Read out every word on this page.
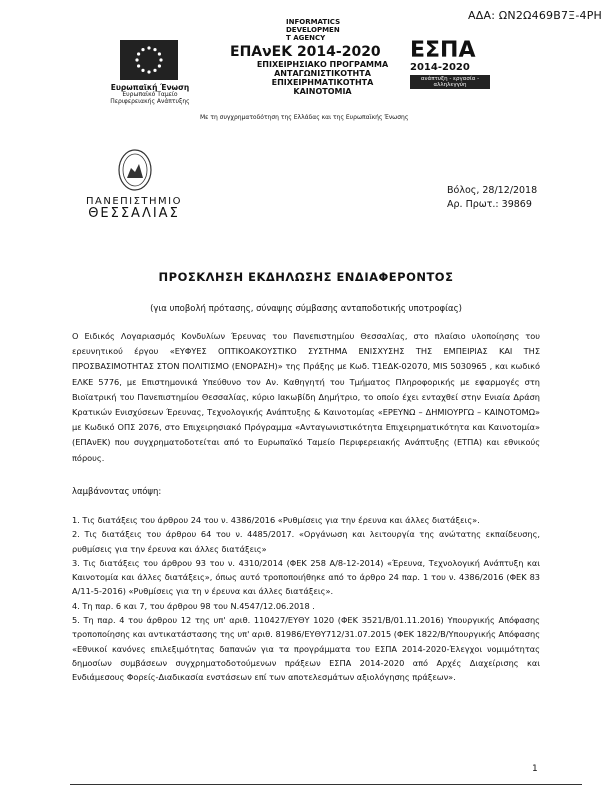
ΑΔΑ: ΩΝ2Ω469Β7Ξ-4ΡΗ
Ευρωπαϊκή Ένωση
Ευρωπαϊκό Ταμείο
Περιφερειακής Ανάπτυξης
INFORMATICS
DEVELOPMEN
T AGENCY
ΕΠΑνΕΚ 2014-2020
ΕΠΙΧΕΙΡΗΣΙΑΚΟ ΠΡΟΓΡΑΜΜΑ
ΑΝΤΑΓΩΝΙΣΤΙΚΟΤΗΤΑ
ΕΠΙΧΕΙΡΗΜΑΤΙΚΟΤΗΤΑ
ΚΑΙΝΟΤΟΜΙΑ
ΕΣΠΑ
2014-2020
ανάπτυξη - εργασία - αλληλεγγύη
Με τη συγχρηματοδότηση της Ελλάδας και της Ευρωπαϊκής Ένωσης
ΠΑΝΕΠΙΣΤΗΜΙΟ
ΘΕΣΣΑΛΙΑΣ
Βόλος, 28/12/2018
Αρ. Πρωτ.: 39869
ΠΡΟΣΚΛΗΣΗ ΕΚΔΗΛΩΣΗΣ ΕΝΔΙΑΦΕΡΟΝΤΟΣ
(για υποβολή πρότασης, σύναψης σύμβασης ανταποδοτικής υποτροφίας)
Ο Ειδικός Λογαριασμός Κονδυλίων Έρευνας του Πανεπιστημίου Θεσσαλίας, στο πλαίσιο υλοποίησης του ερευνητικού έργου «ΕΥΦΥΕΣ ΟΠΤΙΚΟΑΚΟΥΣΤΙΚΟ ΣΥΣΤΗΜΑ ΕΝΙΣΧΥΣΗΣ ΤΗΣ ΕΜΠΕΙΡΙΑΣ ΚΑΙ ΤΗΣ ΠΡΟΣΒΑΣΙΜΟΤΗΤΑΣ ΣΤΟΝ ΠΟΛΙΤΙΣΜΟ (ΕΝΟΡΑΣΗ)» της Πράξης με Κωδ. Τ1ΕΔΚ-02070, MIS 5030965 , και κωδικό ΕΛΚΕ 5776, με Επιστημονικά Υπεύθυνο τον Αν. Καθηγητή του Τμήματος Πληροφορικής με εφαρμογές στη Βιοϊατρική του Πανεπιστημίου Θεσσαλίας, κύριο Ιακωβίδη Δημήτριο, το οποίο έχει ενταχθεί στην Ενιαία Δράση Κρατικών Ενισχύσεων Έρευνας, Τεχνολογικής Ανάπτυξης & Καινοτομίας «ΕΡΕΥΝΩ – ΔΗΜΙΟΥΡΓΩ – ΚΑΙΝΟΤΟΜΩ» με Κωδικό ΟΠΣ 2076, στο Επιχειρησιακό Πρόγραμμα «Ανταγωνιστικότητα Επιχειρηματικότητα και Καινοτομία» (ΕΠΑνΕΚ) που συγχρηματοδοτείται από το Ευρωπαϊκό Ταμείο Περιφερειακής Ανάπτυξης (ΕΤΠΑ) και εθνικούς πόρους.
λαμβάνοντας υπόψη:

1. Τις διατάξεις του άρθρου 24 του ν. 4386/2016 «Ρυθμίσεις για την έρευνα και άλλες διατάξεις».

2. Τις διατάξεις του άρθρου 64 του ν. 4485/2017. «Οργάνωση και λειτουργία της ανώτατης εκπαίδευσης, ρυθμίσεις για την έρευνα και άλλες διατάξεις»

3. Τις διατάξεις του άρθρου 93 του ν. 4310/2014 (ΦΕΚ 258 Α/8-12-2014) «Έρευνα, Τεχνολογική Ανάπτυξη και Καινοτομία και άλλες διατάξεις», όπως αυτό τροποποιήθηκε από το άρθρο 24 παρ. 1 του ν. 4386/2016 (ΦΕΚ 83 Α/11-5-2016) «Ρυθμίσεις για τη ν έρευνα και άλλες διατάξεις».

4. Τη παρ. 6 και 7, του άρθρου 98 του Ν.4547/12.06.2018 .

5. Τη παρ. 4 του άρθρου 12 της υπ' αριθ. 110427/ΕΥΘΥ 1020 (ΦΕΚ 3521/Β/01.11.2016) Υπουργικής Απόφασης τροποποίησης και αντικατάστασης της υπ' αριθ. 81986/ΕΥΘΥ712/31.07.2015 (ΦΕΚ 1822/Β/Υπουργικής Απόφασης «Εθνικοί κανόνες επιλεξιμότητας δαπανών για τα προγράμματα του ΕΣΠΑ 2014-2020-Έλεγχοι νομιμότητας δημοσίων συμβάσεων συγχρηματοδοτούμενων πράξεων ΕΣΠΑ 2014-2020 από Αρχές Διαχείρισης και Ενδιάμεσους Φορείς-Διαδικασία ενστάσεων επί των αποτελεσμάτων αξιολόγησης πράξεων».

1
